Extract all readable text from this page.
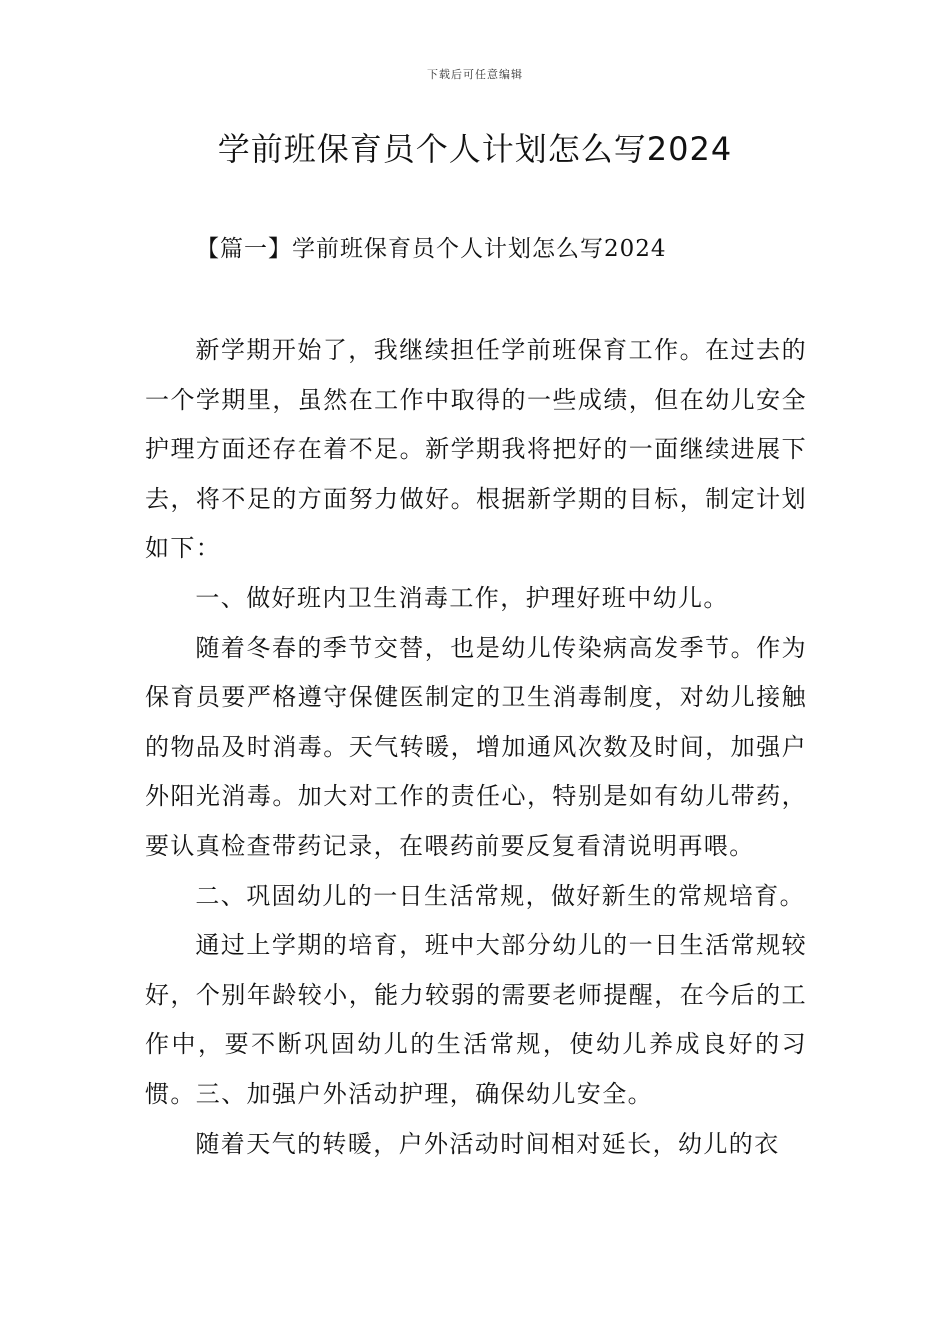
下载后可任意编辑
学前班保育员个人计划怎么写2024
【篇一】学前班保育员个人计划怎么写2024

新学期开始了，我继续担任学前班保育工作。在过去的一个学期里，虽然在工作中取得的一些成绩，但在幼儿安全护理方面还存在着不足。新学期我将把好的一面继续进展下去，将不足的方面努力做好。根据新学期的目标，制定计划如下：

一、做好班内卫生消毒工作，护理好班中幼儿。

随着冬春的季节交替，也是幼儿传染病高发季节。作为保育员要严格遵守保健医制定的卫生消毒制度，对幼儿接触的物品及时消毒。天气转暖，增加通风次数及时间，加强户外阳光消毒。加大对工作的责任心，特别是如有幼儿带药，要认真检查带药记录，在喂药前要反复看清说明再喂。

二、巩固幼儿的一日生活常规，做好新生的常规培育。

通过上学期的培育，班中大部分幼儿的一日生活常规较好，个别年龄较小，能力较弱的需要老师提醒，在今后的工作中，要不断巩固幼儿的生活常规，使幼儿养成良好的习惯。三、加强户外活动护理，确保幼儿安全。

随着天气的转暖，户外活动时间相对延长，幼儿的衣
